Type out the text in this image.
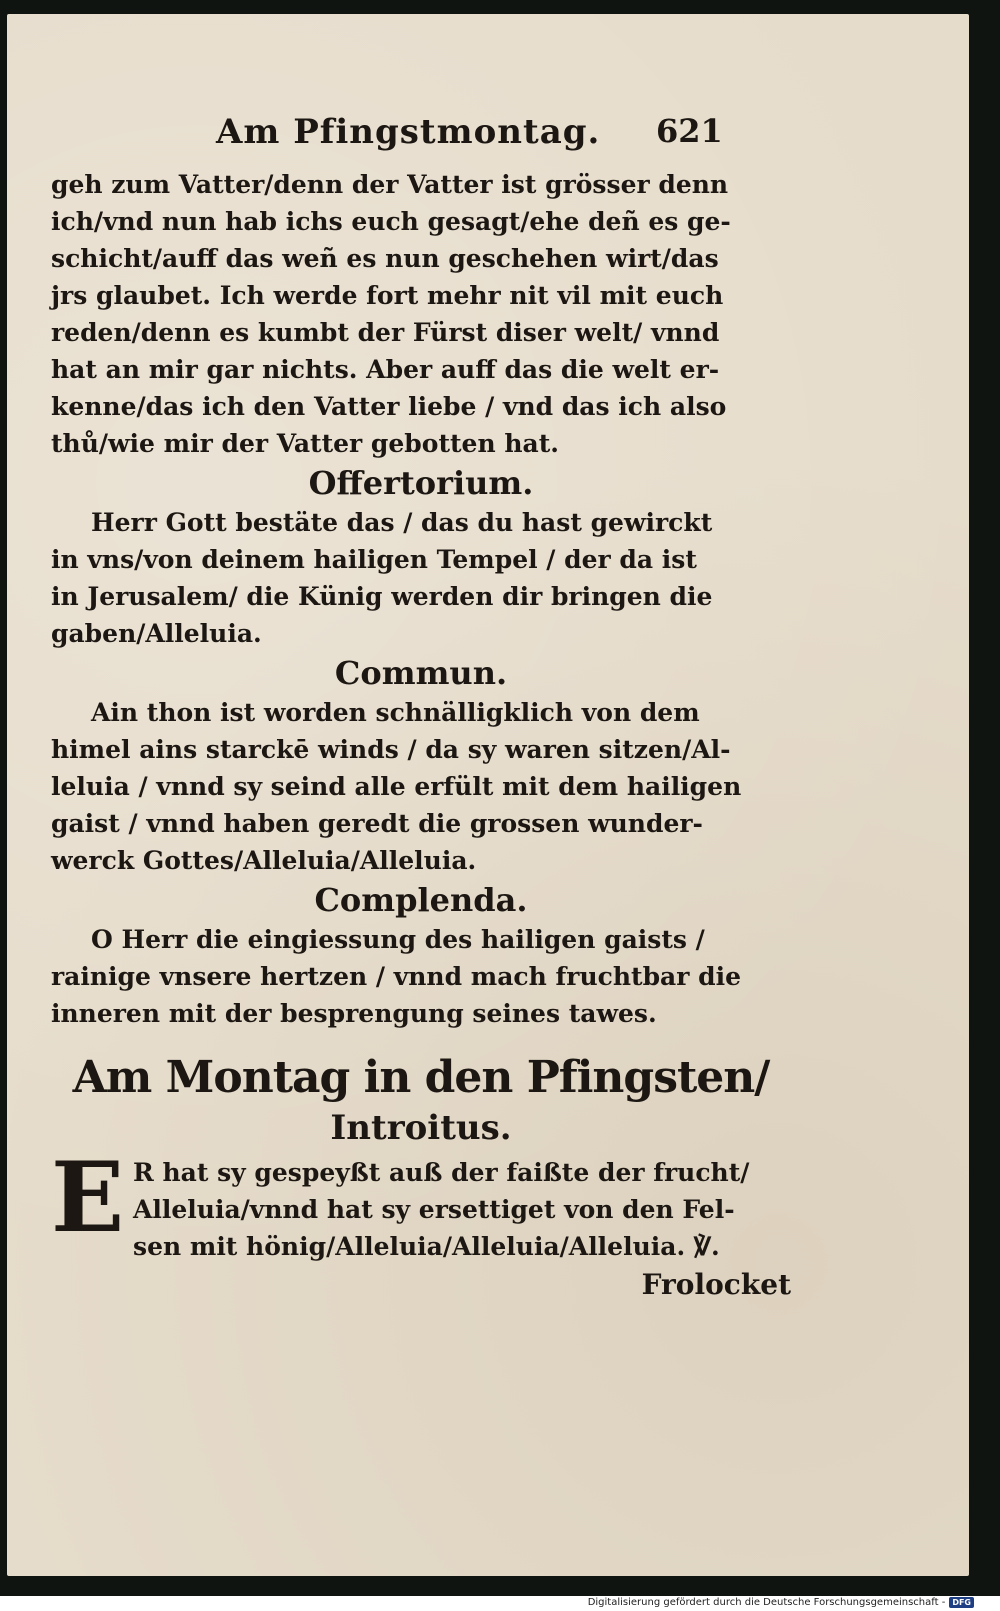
Am Pfingstmontag. 621

geh zum Vatter/denn der Vatter ist grösser denn
ich/vnd nun hab ichs euch gesagt/ehe deñ es ge-
schicht/auff das weñ es nun geschehen wirt/das
jrs glaubet. Ich werde fort mehr nit vil mit euch
reden/denn es kumbt der Fürst diser welt/ vnnd
hat an mir gar nichts. Aber auff das die welt er-
kenne/das ich den Vatter liebe / vnd das ich also
thů/wie mir der Vatter gebotten hat.

Offertorium.

Herr Gott bestäte das / das du hast gewirckt
in vns/von deinem hailigen Tempel / der da ist
in Jerusalem/ die Künig werden dir bringen die
gaben/Alleluia.

Commun.

Ain thon ist worden schnälligklich von dem
himel ains starckē winds / da sy waren sitzen/Al-
leluia / vnnd sy seind alle erfült mit dem hailigen
gaist / vnnd haben geredt die grossen wunder-
werck Gottes/Alleluia/Alleluia.

Complenda.

O Herr die eingiessung des hailigen gaists /
rainige vnsere hertzen / vnnd mach fruchtbar die
inneren mit der besprengung seines tawes.

Am Montag in den Pfingsten/
Introitus.
E R hat sy gespeyßt auß der faißte der frucht/
Alleluia/vnnd hat sy ersettiget von den Fel-
sen mit hönig/Alleluia/Alleluia/Alleluia. ℣.

Frolocket

Digitalisierung gefördert durch die Deutsche Forschungsgemeinschaft - DFG
